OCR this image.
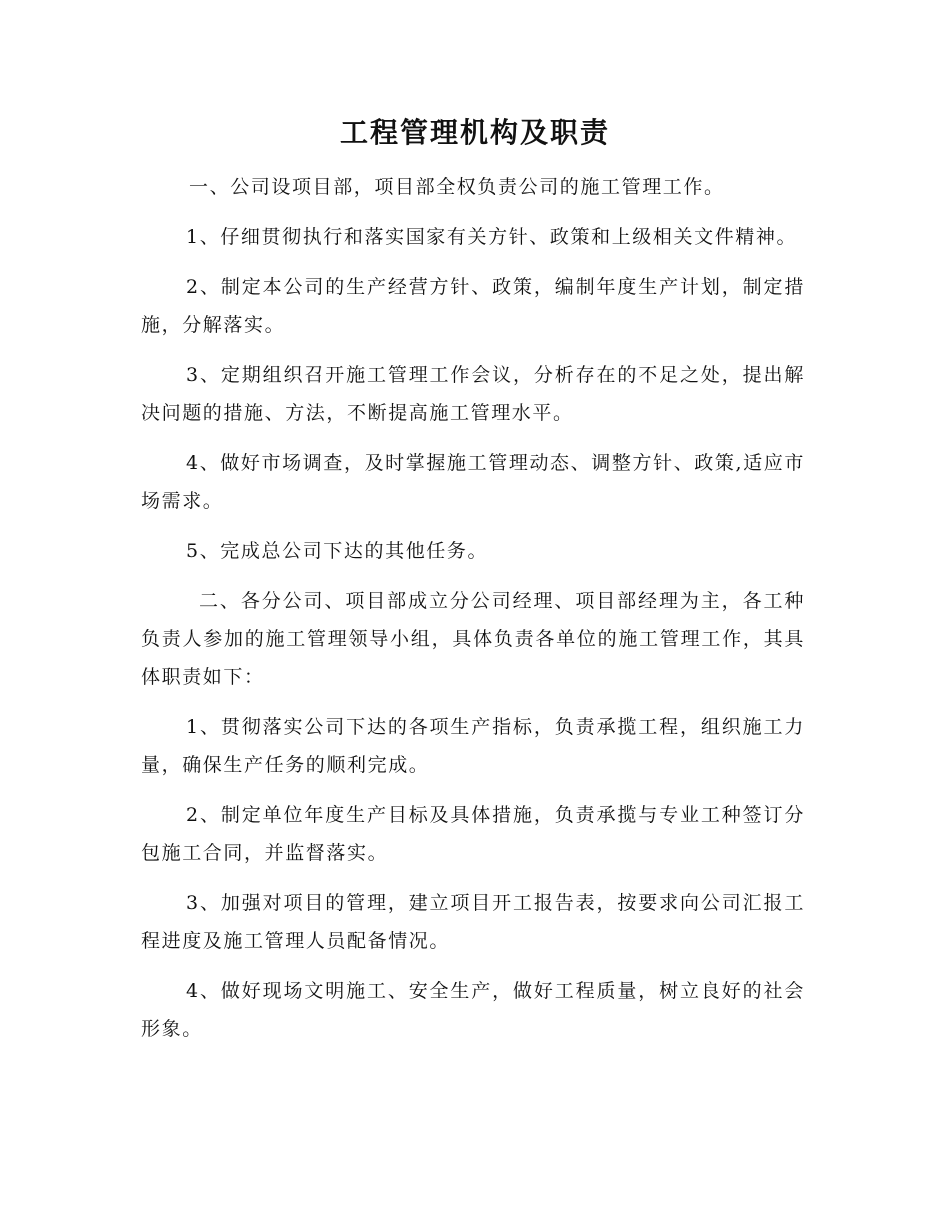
工程管理机构及职责

一、公司设项目部，项目部全权负责公司的施工管理工作。

1、仔细贯彻执行和落实国家有关方针、政策和上级相关文件精神。

2、制定本公司的生产经营方针、政策，编制年度生产计划，制定措施，分解落实。

3、定期组织召开施工管理工作会议，分析存在的不足之处，提出解决问题的措施、方法，不断提高施工管理水平。

4、做好市场调查，及时掌握施工管理动态、调整方针、政策,适应市场需求。

5、完成总公司下达的其他任务。

二、各分公司、项目部成立分公司经理、项目部经理为主，各工种负责人参加的施工管理领导小组，具体负责各单位的施工管理工作，其具体职责如下：

1、贯彻落实公司下达的各项生产指标，负责承揽工程，组织施工力量，确保生产任务的顺利完成。

2、制定单位年度生产目标及具体措施，负责承揽与专业工种签订分包施工合同，并监督落实。

3、加强对项目的管理，建立项目开工报告表，按要求向公司汇报工程进度及施工管理人员配备情况。

4、做好现场文明施工、安全生产，做好工程质量，树立良好的社会形象。
